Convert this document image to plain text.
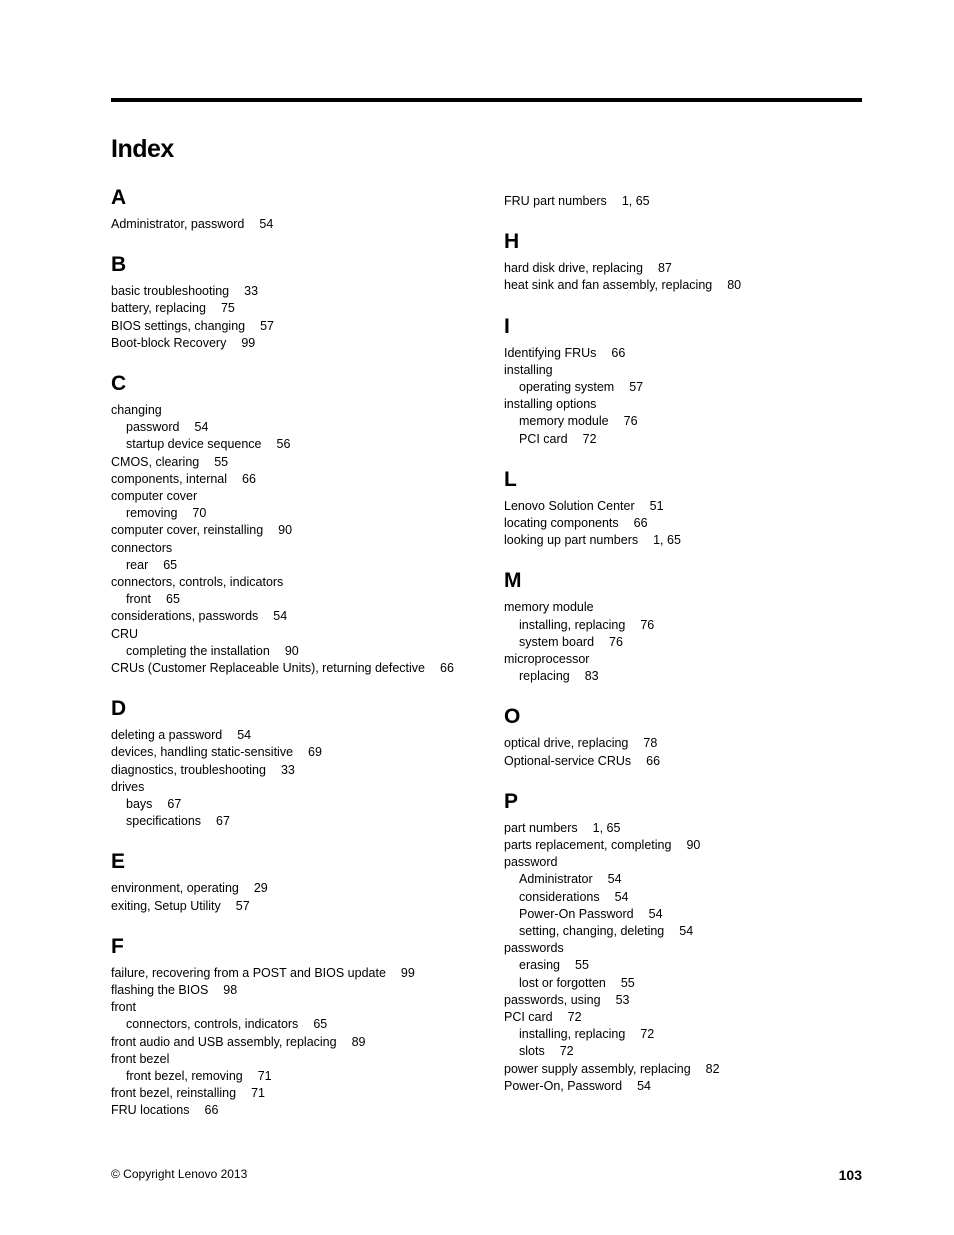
Index
A
Administrator, password 54
B
basic troubleshooting 33
battery, replacing 75
BIOS settings, changing 57
Boot-block Recovery 99
C
changing
password 54
startup device sequence 56
CMOS, clearing 55
components, internal 66
computer cover
removing 70
computer cover, reinstalling 90
connectors
rear 65
connectors, controls, indicators
front 65
considerations, passwords 54
CRU
completing the installation 90
CRUs (Customer Replaceable Units), returning defective 66
D
deleting a password 54
devices, handling static-sensitive 69
diagnostics, troubleshooting 33
drives
bays 67
specifications 67
E
environment, operating 29
exiting, Setup Utility 57
F
failure, recovering from a POST and BIOS update 99
flashing the BIOS 98
front
connectors, controls, indicators 65
front audio and USB assembly, replacing 89
front bezel
front bezel, removing 71
front bezel, reinstalling 71
FRU locations 66
FRU part numbers 1, 65
H
hard disk drive, replacing 87
heat sink and fan assembly, replacing 80
I
Identifying FRUs 66
installing
operating system 57
installing options
memory module 76
PCI card 72
L
Lenovo Solution Center 51
locating components 66
looking up part numbers 1, 65
M
memory module
installing, replacing 76
system board 76
microprocessor
replacing 83
O
optical drive, replacing 78
Optional-service CRUs 66
P
part numbers 1, 65
parts replacement, completing 90
password
Administrator 54
considerations 54
Power-On Password 54
setting, changing, deleting 54
passwords
erasing 55
lost or forgotten 55
passwords, using 53
PCI card 72
installing, replacing 72
slots 72
power supply assembly, replacing 82
Power-On, Password 54
© Copyright Lenovo 2013	103
